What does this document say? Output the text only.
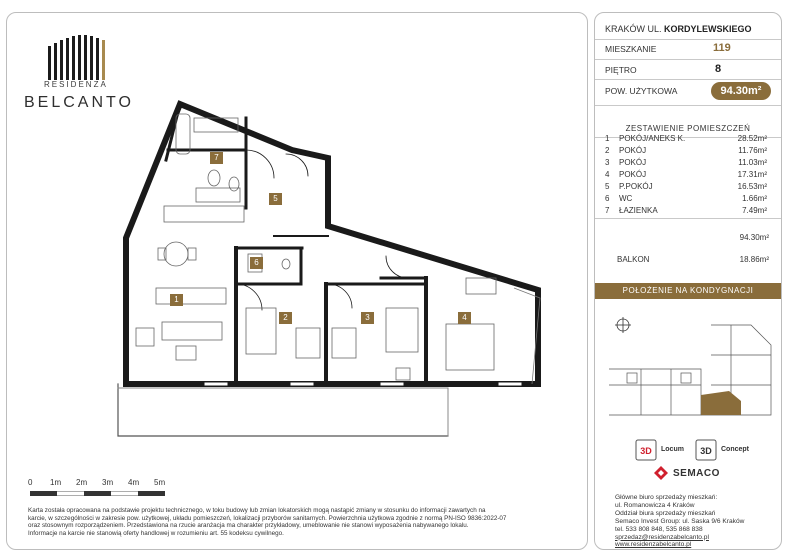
RESIDENZA
BELCANTO
1
2	3	4
5
6
7
0 1m 2m 3m 4m 5m
Karta została opracowana na podstawie projektu technicznego, w toku budowy lub zmian lokatorskich mogą nastąpić zmiany w stosunku do informacji zawartych na
karcie, w szczególności w zakresie pow. użytkowej, układu pomieszczeń, lokalizacji przyborów sanitarnych. Powierzchnia użytkowa zgodnie z normą PN-ISO 9836:2022-07
oraz stosownym rozporządzeniem. Przedstawiona na rzucie aranżacja ma charakter przykładowy, umeblowanie nie stanowi wyposażenia nabywanego lokalu.
Informacje na karcie nie stanowią oferty handlowej w rozumieniu art. 55 kodeksu cywilnego.
KRAKÓW UL. KORDYLEWSKIEGO
MIESZKANIE	119
PIĘTRO	8
POW. UŻYTKOWA	94.30m²
ZESTAWIENIE POMIESZCZEŃ
1 POKÓJ/ANEKS K.	28.52m²
2 POKÓJ	11.76m²
3 POKÓJ	11.03m²
4 POKÓJ	17.31m²
5 P.POKÓJ	16.53m²
6 WC	1.66m²
7 ŁAZIENKA	7.49m²
94.30m²
BALKON	18.86m²
POŁOŻENIE NA KONDYGNACJI
3D Locum 3D Concept
SEMACO
Główne biuro sprzedaży mieszkań:
ul. Romanowicza 4 Kraków
Oddział biura sprzedaży mieszkań
Semaco Invest Group: ul. Saska 9/6 Kraków
tel. 533 808 848, 535 868 838
sprzedaz@residenzabelcanto.pl
www.residenzabelcanto.pl
